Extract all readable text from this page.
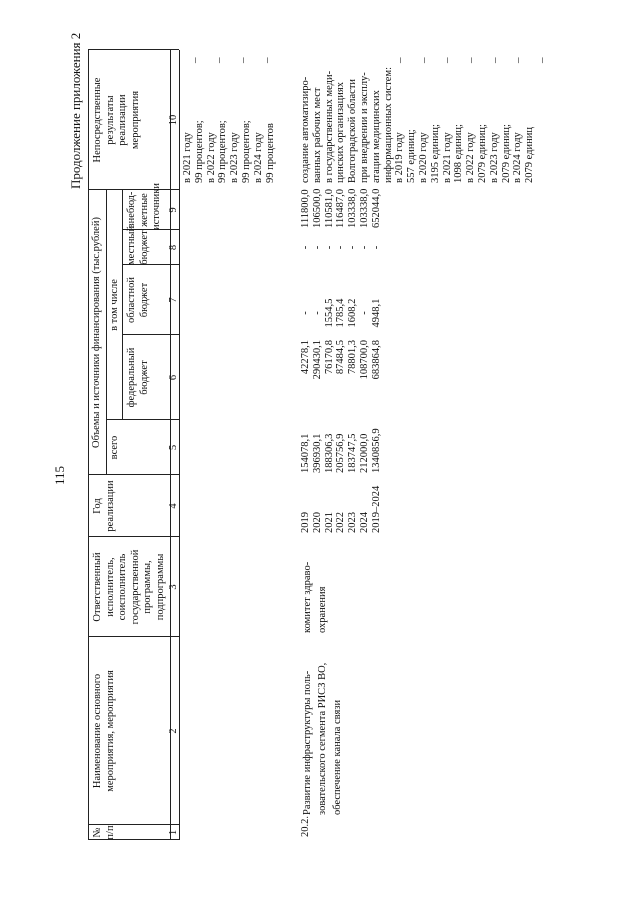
115
Продолжение приложения 2
№ п/п
Наименование основного мероприятия, мероприятия
Ответственный исполнитель, соисполнитель государственной программы, подпрограммы
Год реализации
Объемы и источники финансирования (тыс.рублей) всего
в том числе
федеральный бюджет
областной бюджет
местный бюджет
внебюд- жетные источники
Непосредственные результаты реализации мероприятия
1
2
3
4
5
6
7
8
9
10
в 2021 году 99 процентов; в 2022 году 99 процентов; в 2023 году 99 процентов; в 2024 году 99 процентов
– – – –
20.2.
Развитие инфраструктуры поль- зовательского сегмента РИСЗ ВО, обеспечение канала связи
комитет здраво- охранения
2019 2020 2021 2022 2023 2024 2019–2024
154078,1 396930,1 188306,3 205756,9 183747,5 212000,0 1340856,9
42278,1 290430,1 76170,8 87484,5 78801,3 108700,0 683864,8
- - 1554,5 1785,4 1608,2 - 4948,1
- - - - - - -
111800,0 106500,0 110581,0 116487,0 103338,0 103338,0 652044,0
создание автоматизиро- ванных рабочих мест в государственных меди- цинских организациях Волгоградской области при внедрении и эксплу- атации медицинских информационных систем: в 2019 году 557 единиц; в 2020 году 3195 единиц; в 2021 году 1098 единиц; в 2022 году 2079 единиц; в 2023 году 2079 единиц; в 2024 году 2079 единиц
– – – – – – –
